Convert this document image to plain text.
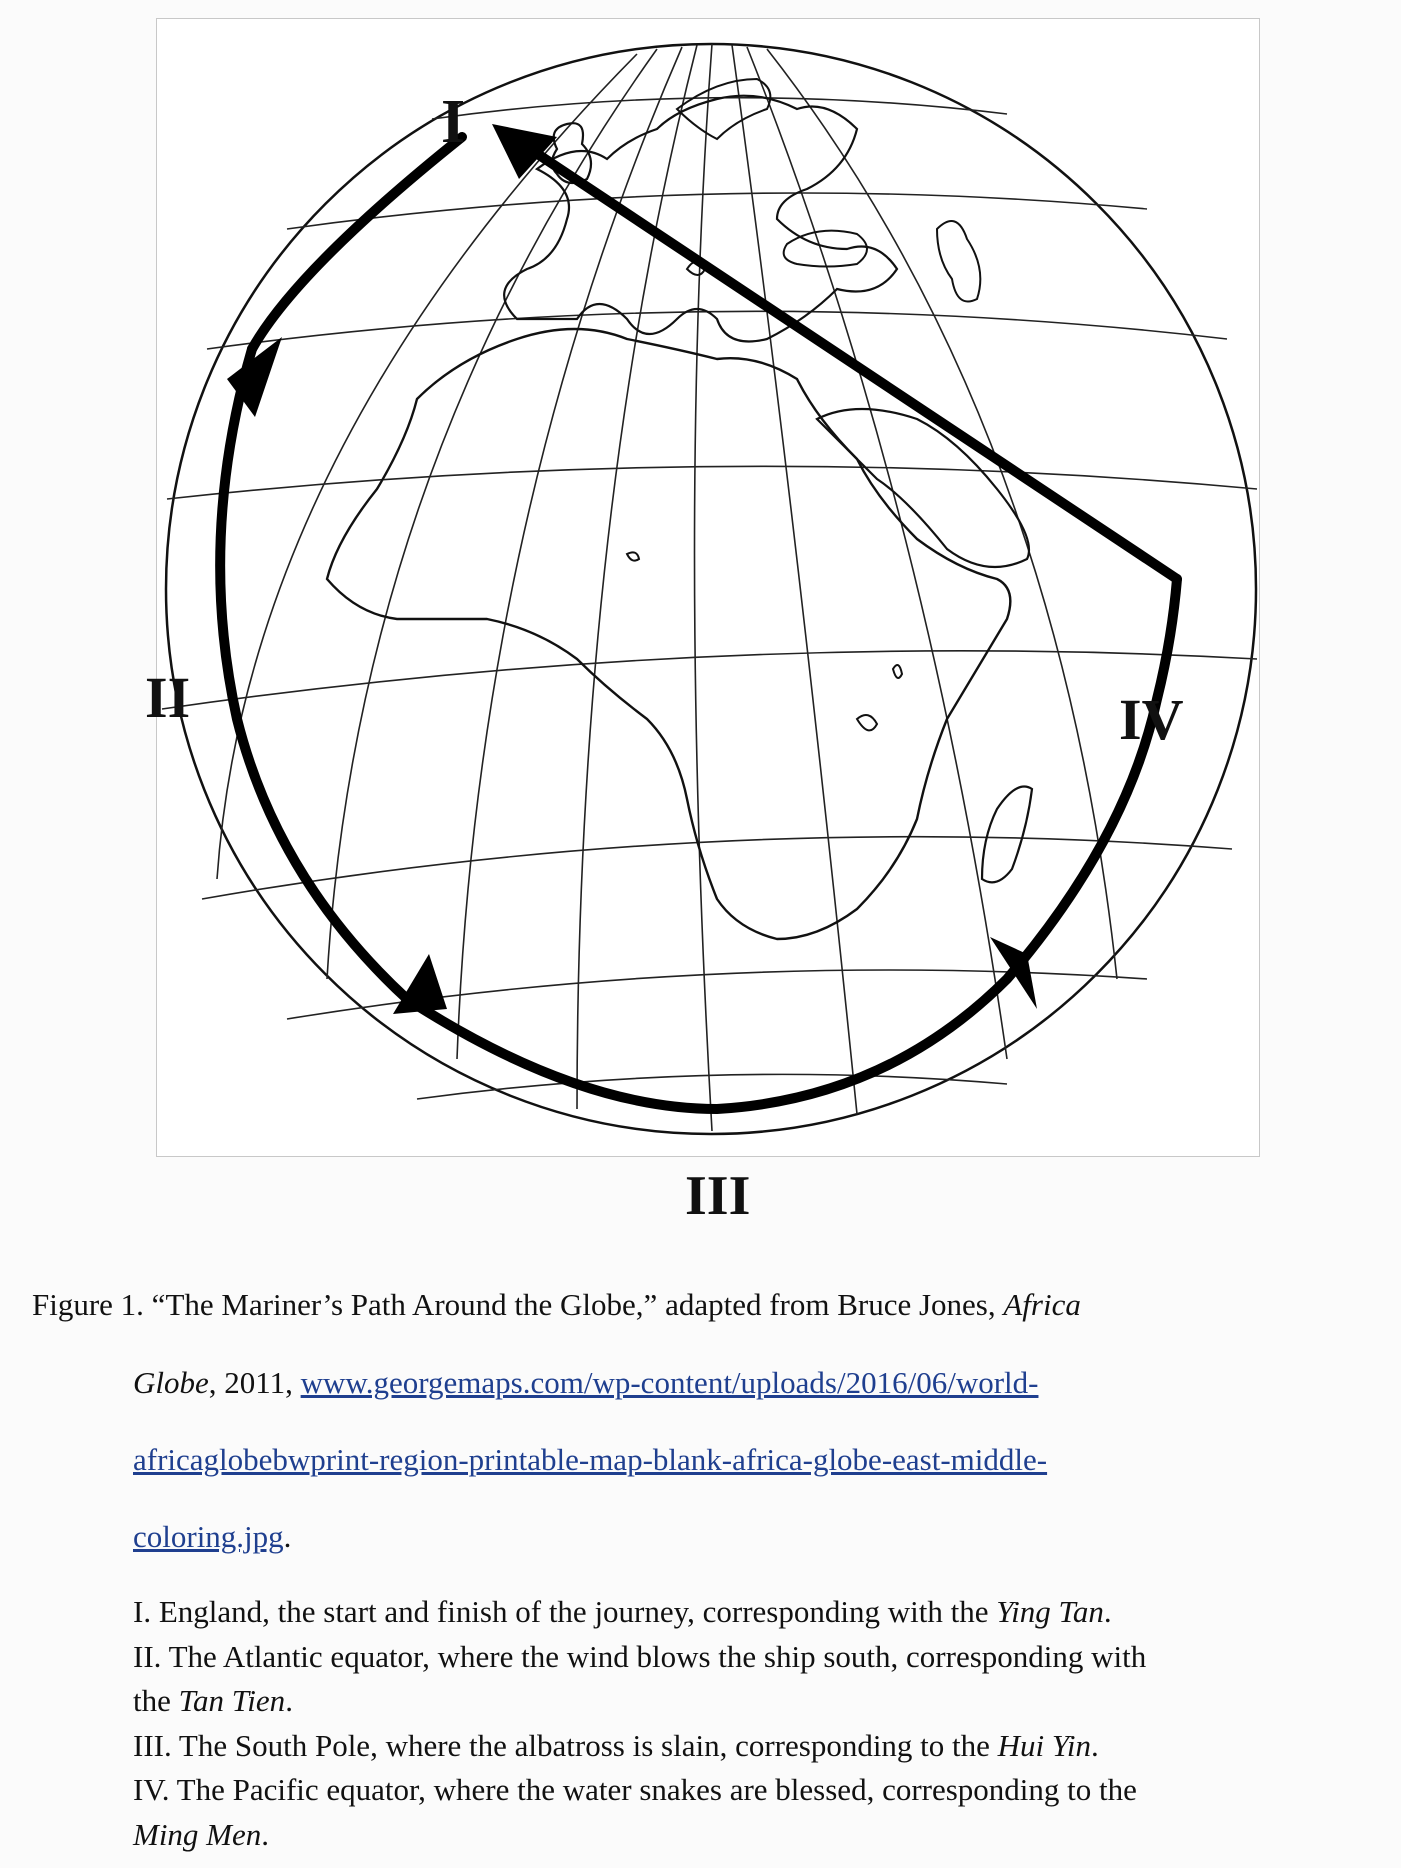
I
II	IV
III
Figure 1. “The Mariner’s Path Around the Globe,” adapted from Bruce Jones, Africa
Globe, 2011, www.georgemaps.com/wp-content/uploads/2016/06/world-
africaglobebwprint-region-printable-map-blank-africa-globe-east-middle-
coloring.jpg.
I. England, the start and finish of the journey, corresponding with the Ying Tan.
II. The Atlantic equator, where the wind blows the ship south, corresponding with
the Tan Tien.
III. The South Pole, where the albatross is slain, corresponding to the Hui Yin.
IV. The Pacific equator, where the water snakes are blessed, corresponding to the
Ming Men.
